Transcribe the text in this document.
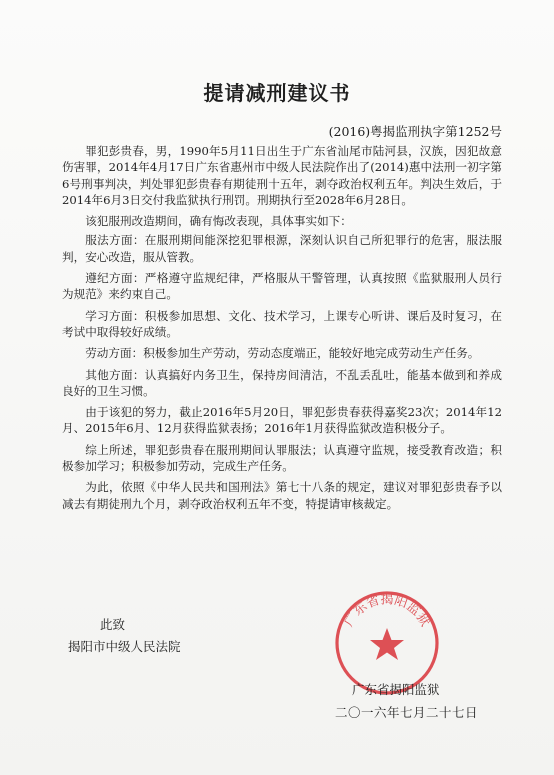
提请减刑建议书
(2016)粤揭监刑执字第1252号

罪犯彭贵春，男，1990年5月11日出生于广东省汕尾市陆河县，汉族，因犯故意伤害罪，2014年4月17日广东省惠州市中级人民法院作出了(2014)惠中法刑一初字第6号刑事判决，判处罪犯彭贵春有期徒刑十五年，剥夺政治权利五年。判决生效后，于2014年6月3日交付我监狱执行刑罚。刑期执行至2028年6月28日。

该犯服刑改造期间，确有悔改表现，具体事实如下：

服法方面：在服刑期间能深挖犯罪根源，深刻认识自己所犯罪行的危害，服法服判，安心改造，服从管教。

遵纪方面：严格遵守监规纪律，严格服从干警管理，认真按照《监狱服刑人员行为规范》来约束自己。

学习方面：积极参加思想、文化、技术学习，上课专心听讲、课后及时复习，在考试中取得较好成绩。

劳动方面：积极参加生产劳动，劳动态度端正，能较好地完成劳动生产任务。

其他方面：认真搞好内务卫生，保持房间清洁，不乱丢乱吐，能基本做到和养成良好的卫生习惯。

由于该犯的努力，截止2016年5月20日，罪犯彭贵春获得嘉奖23次；2014年12月、2015年6月、12月获得监狱表扬；2016年1月获得监狱改造积极分子。

综上所述，罪犯彭贵春在服刑期间认罪服法；认真遵守监规，接受教育改造；积极参加学习；积极参加劳动，完成生产任务。

为此，依照《中华人民共和国刑法》第七十八条的规定，建议对罪犯彭贵春予以减去有期徒刑九个月，剥夺政治权利五年不变，特提请审核裁定。

此致
揭阳市中级人民法院
广东省揭阳监狱
广东省揭阳监狱
二〇一六年七月二十七日
